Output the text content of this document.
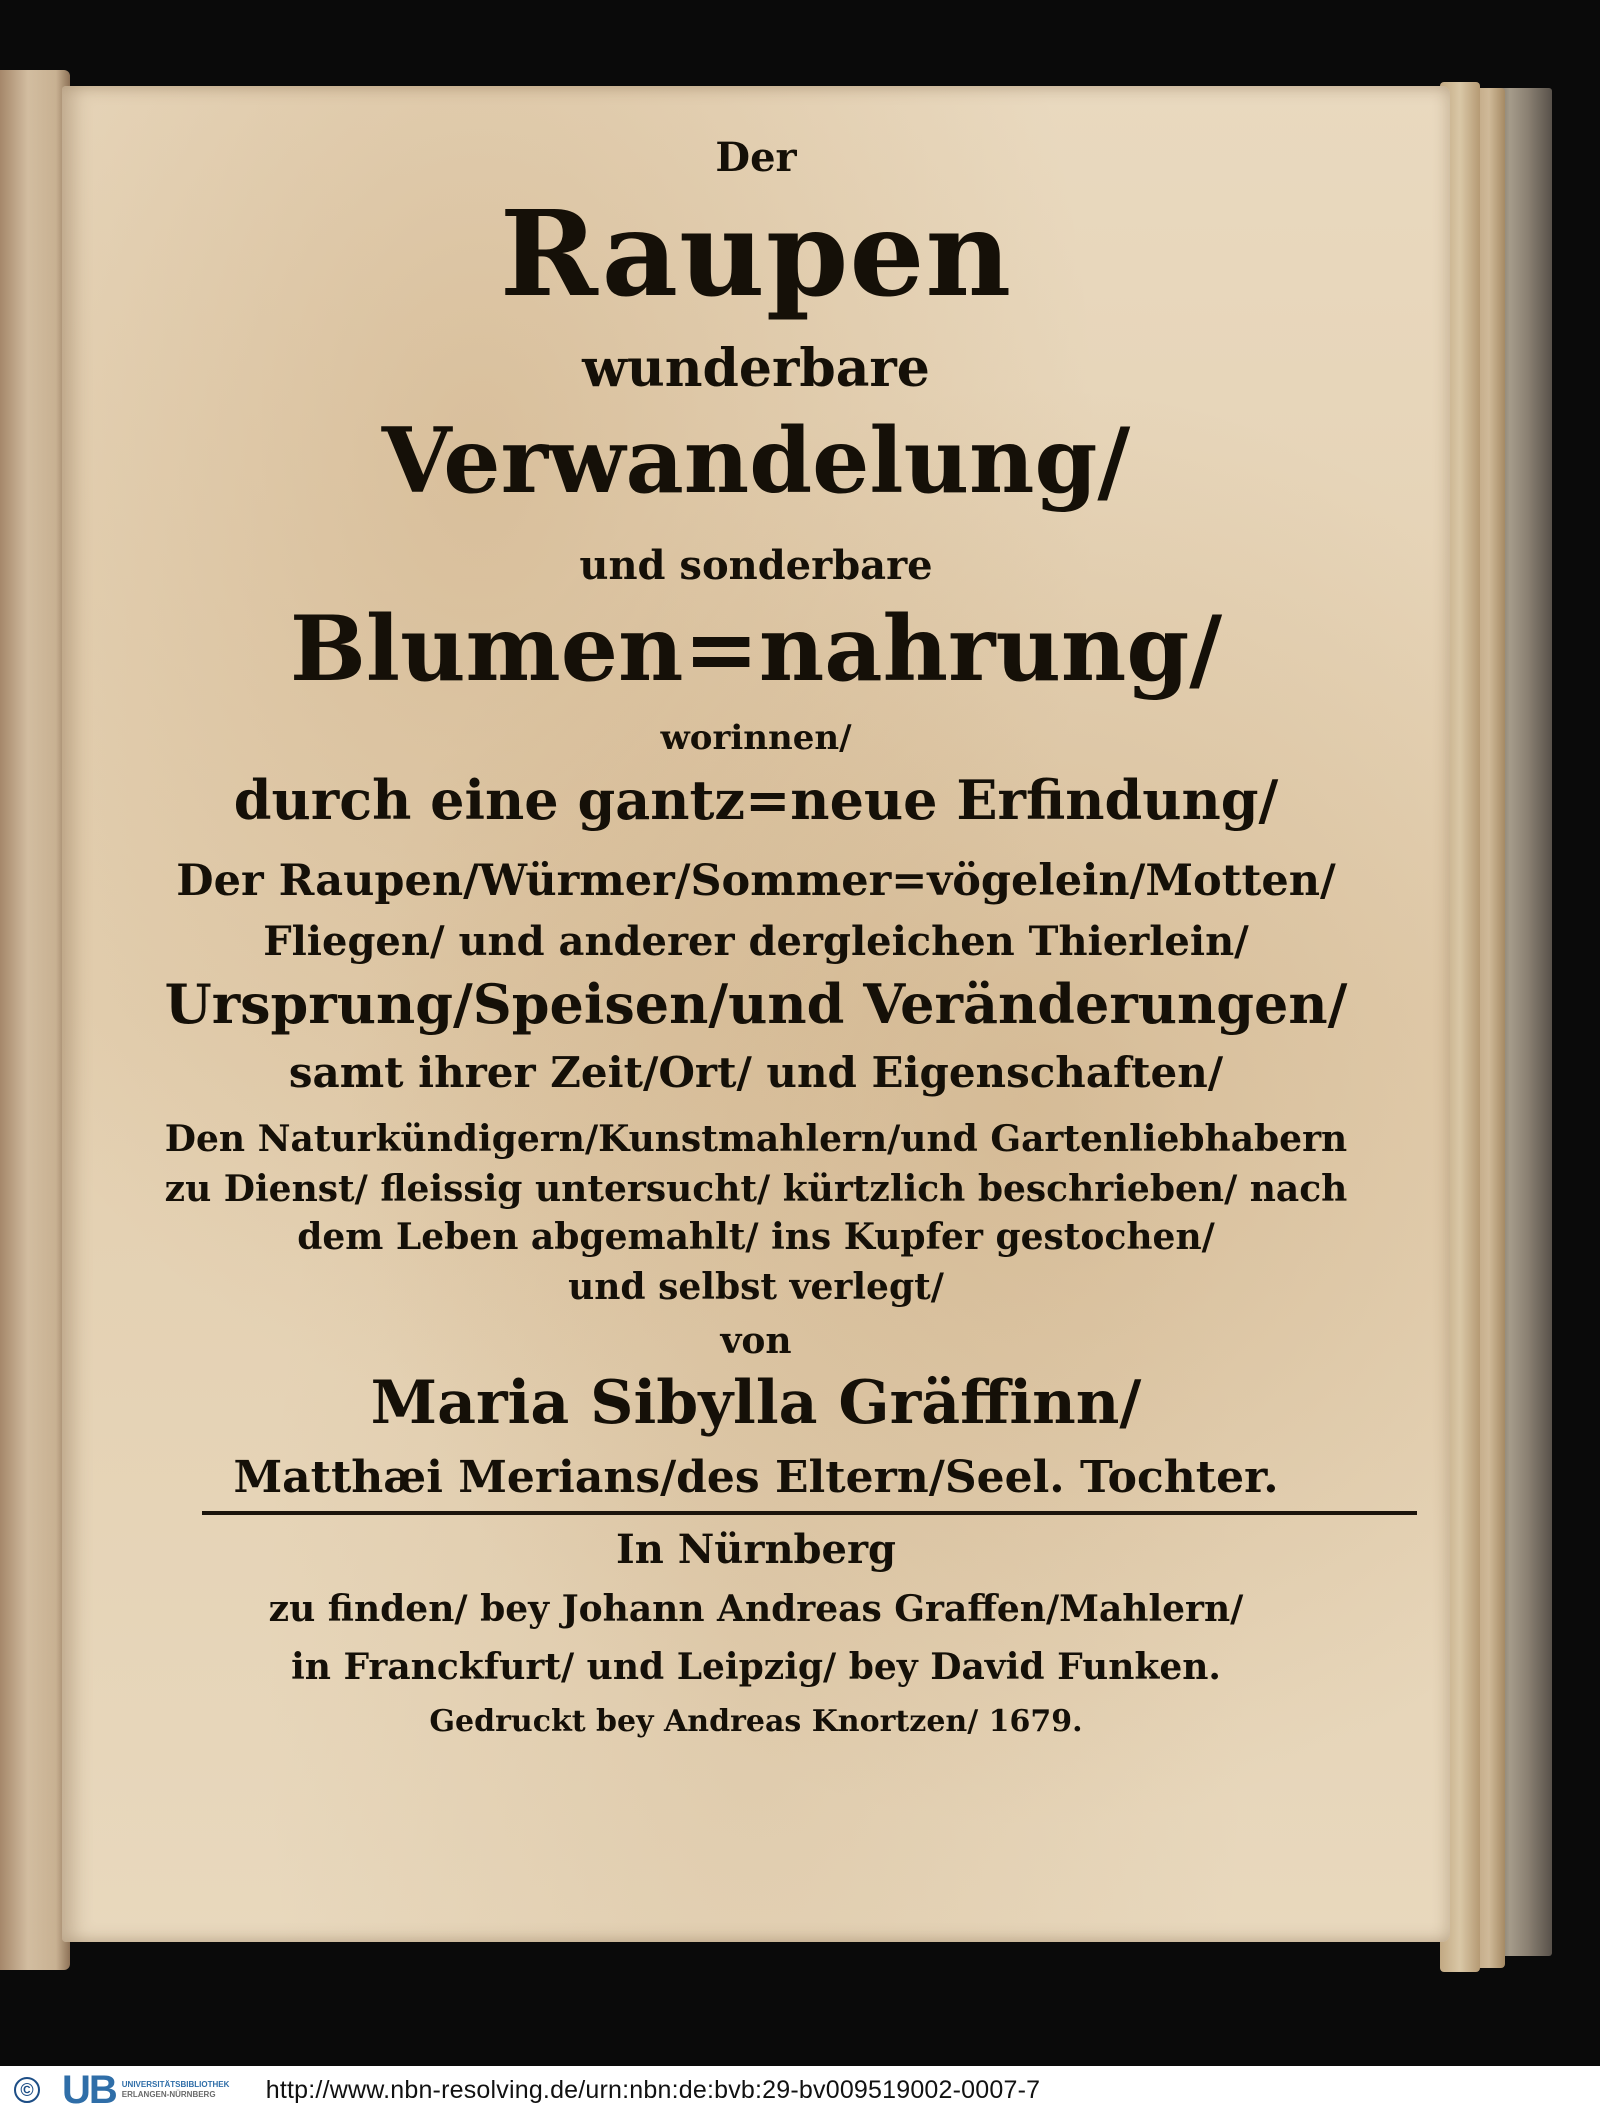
Der
Raupen
wunderbare
Verwandelung/
und sonderbare
Blumen=nahrung/
worinnen/
durch eine gantz=neue Erfindung/
Der Raupen/Würmer/Sommer=vögelein/Motten/
Fliegen/ und anderer dergleichen Thierlein/
Ursprung/Speisen/und Veränderungen/
samt ihrer Zeit/Ort/ und Eigenschaften/
Den Naturkündigern/Kunstmahlern/und Gartenliebhabern
zu Dienst/ fleissig untersucht/ kürtzlich beschrieben/ nach
dem Leben abgemahlt/ ins Kupfer gestochen/
und selbst verlegt/
von
Maria Sibylla Gräffinn/
Matthæi Merians/des Eltern/Seel. Tochter.
In Nürnberg
zu finden/ bey Johann Andreas Graffen/Mahlern/
in Franckfurt/ und Leipzig/ bey David Funken.
Gedruckt bey Andreas Knortzen/ 1679.
© UB UNIVERSITÄTSBIBLIOTHEK
ERLANGEN-NÜRNBERG	http://www.nbn-resolving.de/urn:nbn:de:bvb:29-bv009519002-0007-7
